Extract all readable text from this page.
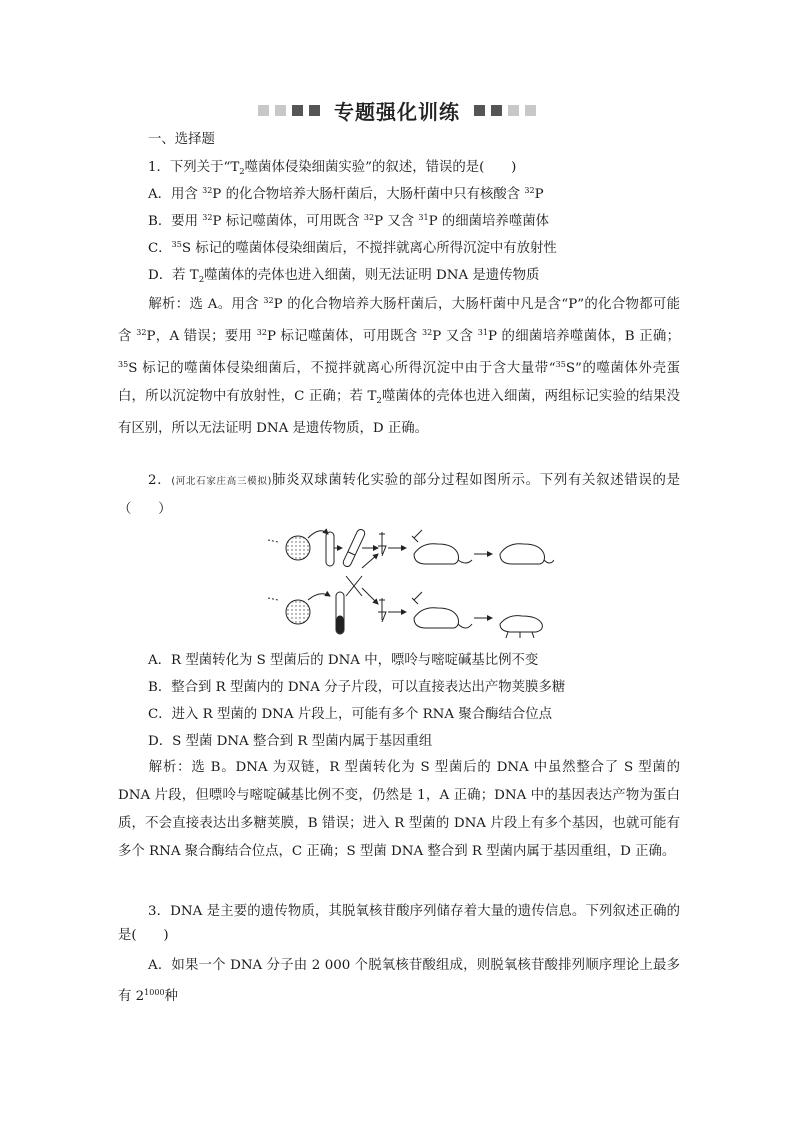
专题强化训练
一、选择题
1．下列关于“$T_2$噬菌体侵染细菌实验”的叙述，错误的是(　　)
A．用含 $^{32}$P 的化合物培养大肠杆菌后，大肠杆菌中只有核酸含 $^{32}$P
B．要用 $^{32}$P 标记噬菌体，可用既含 $^{32}$P 又含 $^{31}$P 的细菌培养噬菌体
C．$^{35}$S 标记的噬菌体侵染细菌后，不搅拌就离心所得沉淀中有放射性
D．若 $T_2$噬菌体的壳体也进入细菌，则无法证明 DNA 是遗传物质
解析：选 A。用含 $^{32}$P 的化合物培养大肠杆菌后，大肠杆菌中凡是含“P”的化合物都可能含 $^{32}$P，A 错误；要用 $^{32}$P 标记噬菌体，可用既含 $^{32}$P 又含 $^{31}$P 的细菌培养噬菌体，B 正确；$^{35}$S 标记的噬菌体侵染细菌后，不搅拌就离心所得沉淀中由于含大量带“$^{35}$S”的噬菌体外壳蛋白，所以沉淀物中有放射性，C 正确；若 $T_2$噬菌体的壳体也进入细菌，两组标记实验的结果没有区别，所以无法证明 DNA 是遗传物质，D 正确。
2．(河北石家庄高三模拟)肺炎双球菌转化实验的部分过程如图所示。下列有关叙述错误的是（　　）
A．R 型菌转化为 S 型菌后的 DNA 中，嘌呤与嘧啶碱基比例不变
B．整合到 R 型菌内的 DNA 分子片段，可以直接表达出产物荚膜多糖
C．进入 R 型菌的 DNA 片段上，可能有多个 RNA 聚合酶结合位点
D．S 型菌 DNA 整合到 R 型菌内属于基因重组
解析：选 B。DNA 为双链，R 型菌转化为 S 型菌后的 DNA 中虽然整合了 S 型菌的 DNA 片段，但嘌呤与嘧啶碱基比例不变，仍然是 1，A 正确；DNA 中的基因表达产物为蛋白质，不会直接表达出多糖荚膜，B 错误；进入 R 型菌的 DNA 片段上有多个基因，也就可能有多个 RNA 聚合酶结合位点，C 正确；S 型菌 DNA 整合到 R 型菌内属于基因重组，D 正确。
3．DNA 是主要的遗传物质，其脱氧核苷酸序列储存着大量的遗传信息。下列叙述正确的是(　　)
A．如果一个 DNA 分子由 2 000 个脱氧核苷酸组成，则脱氧核苷酸排列顺序理论上最多有 $2^{1000}$种
